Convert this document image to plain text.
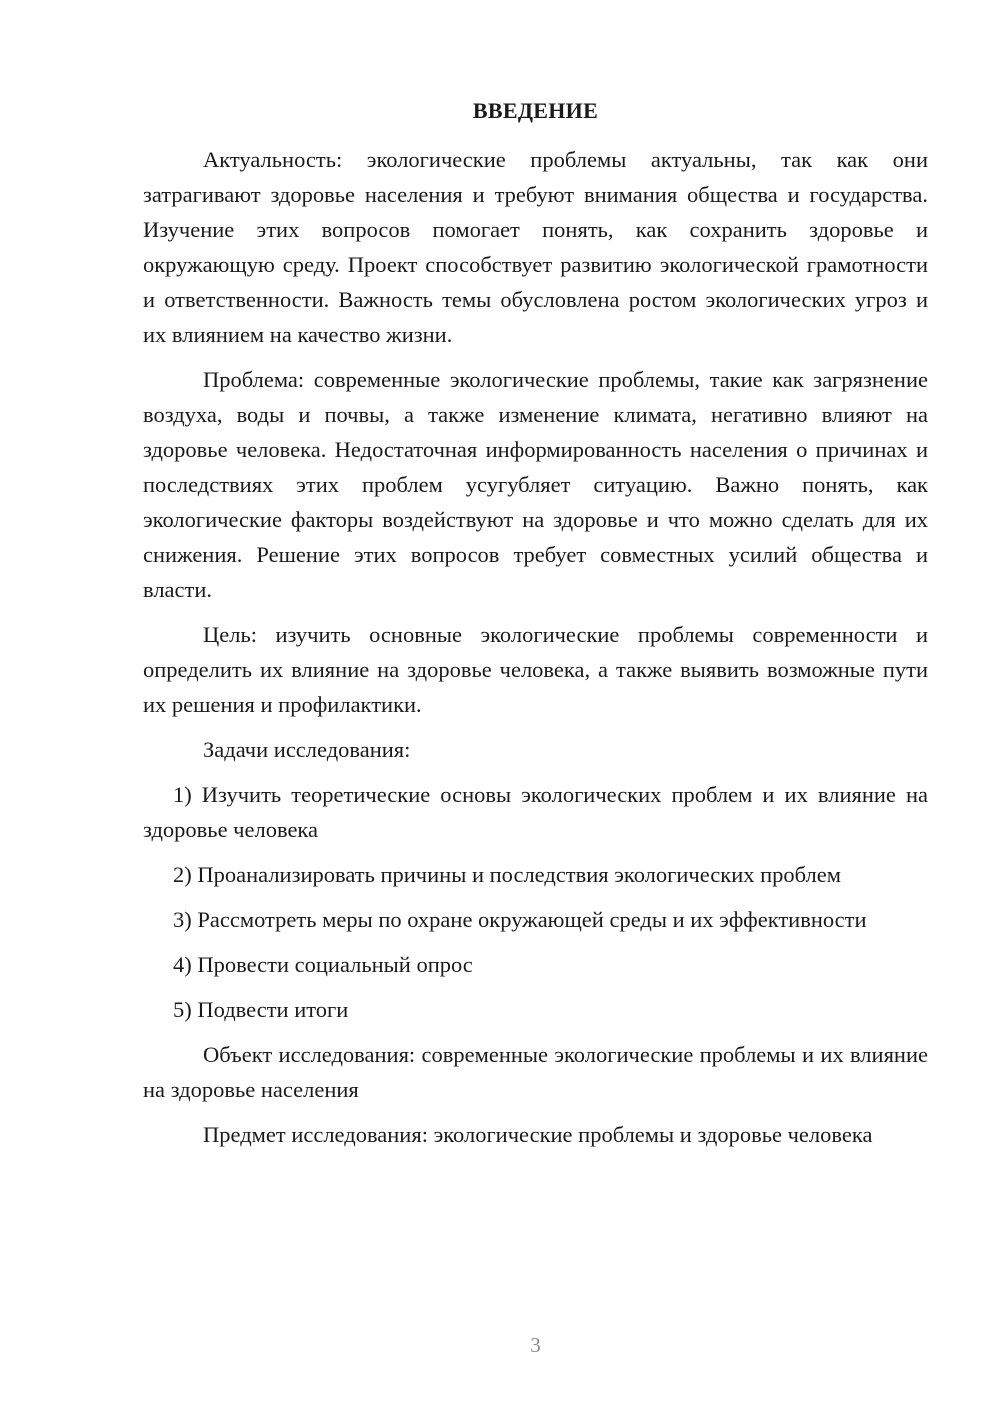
ВВЕДЕНИЕ

Актуальность: экологические проблемы актуальны, так как они затрагивают здоровье населения и требуют внимания общества и государства. Изучение этих вопросов помогает понять, как сохранить здоровье и окружающую среду. Проект способствует развитию экологической грамотности и ответственности. Важность темы обусловлена ростом экологических угроз и их влиянием на качество жизни.

Проблема: современные экологические проблемы, такие как загрязнение воздуха, воды и почвы, а также изменение климата, негативно влияют на здоровье человека. Недостаточная информированность населения о причинах и последствиях этих проблем усугубляет ситуацию. Важно понять, как экологические факторы воздействуют на здоровье и что можно сделать для их снижения. Решение этих вопросов требует совместных усилий общества и власти.

Цель: изучить основные экологические проблемы современности и определить их влияние на здоровье человека, а также выявить возможные пути их решения и профилактики.

Задачи исследования:

1) Изучить теоретические основы экологических проблем и их влияние на здоровье человека

2) Проанализировать причины и последствия экологических проблем

3) Рассмотреть меры по охране окружающей среды и их эффективности

4) Провести социальный опрос

5) Подвести итоги

Объект исследования: современные экологические проблемы и их влияние на здоровье населения

Предмет исследования: экологические проблемы и здоровье человека

3
